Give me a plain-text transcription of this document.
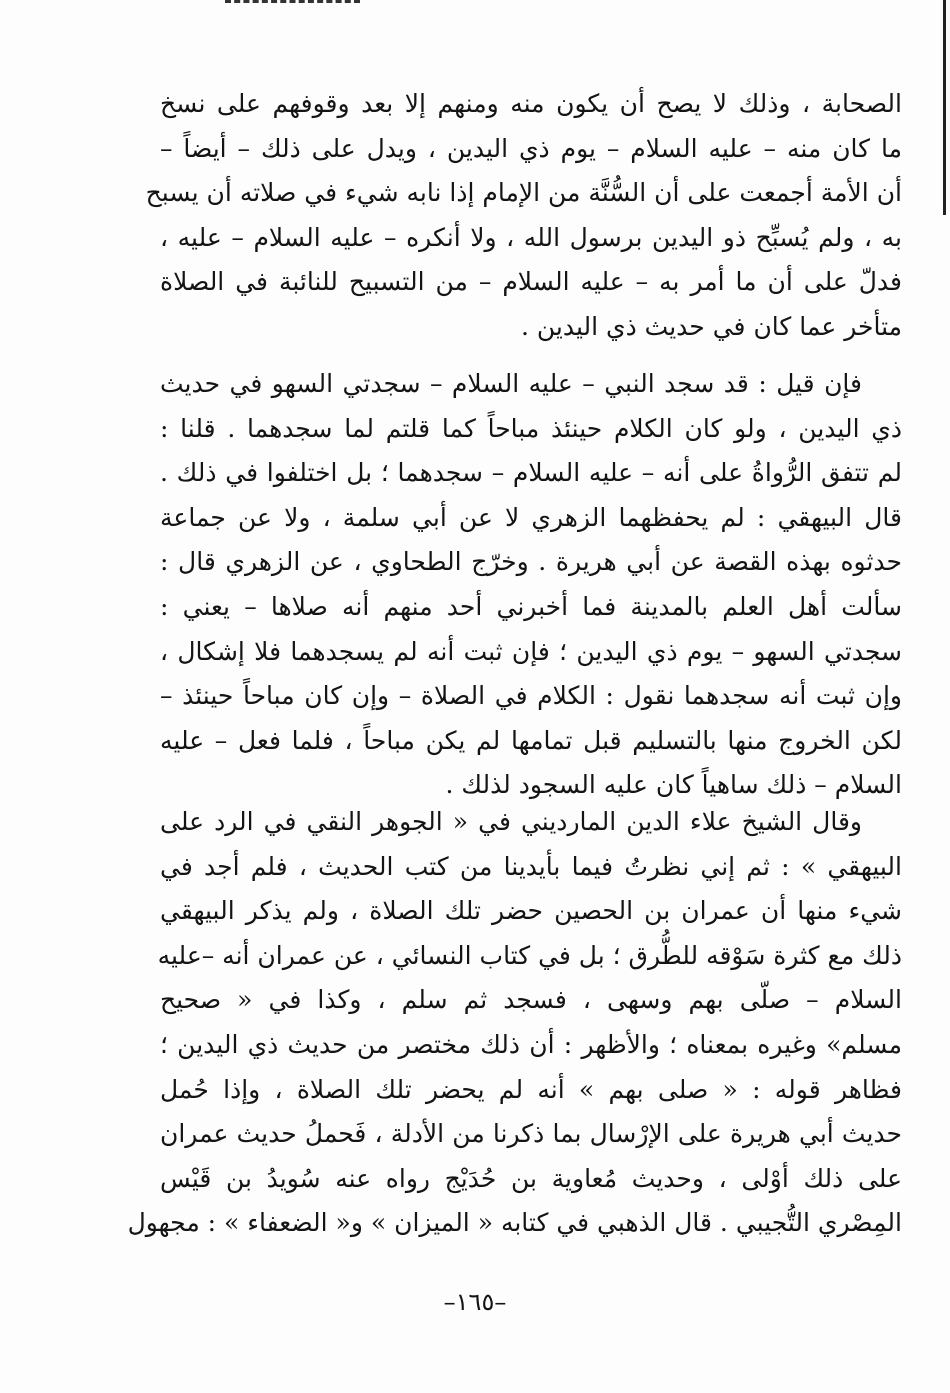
الصحابة ، وذلك لا يصح أن يكون منه ومنهم إلا بعد وقوفهم على نسخ
ما كان منه – عليه السلام – يوم ذي اليدين ، ويدل على ذلك – أيضاً –
أن الأمة أجمعت على أن السُّنَّة من الإمام إذا نابه شيء في صلاته أن يسبح
به ، ولم يُسبِّح ذو اليدين برسول الله ، ولا أنكره – عليه السلام – عليه ،
فدلّ على أن ما أمر به – عليه السلام – من التسبيح للنائبة في الصلاة
متأخر عما كان في حديث ذي اليدين .
فإن قيل : قد سجد النبي – عليه السلام – سجدتي السهو في حديث
ذي اليدين ، ولو كان الكلام حينئذ مباحاً كما قلتم لما سجدهما . قلنا :
لم تتفق الرُّواةُ على أنه – عليه السلام – سجدهما ؛ بل اختلفوا في ذلك .
قال البيهقي : لم يحفظهما الزهري لا عن أبي سلمة ، ولا عن جماعة
حدثوه بهذه القصة عن أبي هريرة . وخرّج الطحاوي ، عن الزهري قال :
سألت أهل العلم بالمدينة فما أخبرني أحد منهم أنه صلاها – يعني :
سجدتي السهو – يوم ذي اليدين ؛ فإن ثبت أنه لم يسجدهما فلا إشكال ،
وإن ثبت أنه سجدهما نقول : الكلام في الصلاة – وإن كان مباحاً حينئذ –
لكن الخروج منها بالتسليم قبل تمامها لم يكن مباحاً ، فلما فعل – عليه
السلام – ذلك ساهياً كان عليه السجود لذلك .
وقال الشيخ علاء الدين المارديني في « الجوهر النقي في الرد على
البيهقي » : ثم إني نظرتُ فيما بأيدينا من كتب الحديث ، فلم أجد في
شيء منها أن عمران بن الحصين حضر تلك الصلاة ، ولم يذكر البيهقي
ذلك مع كثرة سَوْقه للطُّرق ؛ بل في كتاب النسائي ، عن عمران أنه –عليه
السلام – صلّى بهم وسهى ، فسجد ثم سلم ، وكذا في « صحيح
مسلم» وغيره بمعناه ؛ والأظهر : أن ذلك مختصر من حديث ذي اليدين ؛
فظاهر قوله : « صلى بهم » أنه لم يحضر تلك الصلاة ، وإذا حُمل
حديث أبي هريرة على الإرْسال بما ذكرنا من الأدلة ، فَحملُ حديث عمران
على ذلك أوْلى ، وحديث مُعاوية بن حُدَيْج رواه عنه سُويدُ بن قَيْس
المِصْري التُّجيبي . قال الذهبي في كتابه « الميزان » و« الضعفاء » : مجهول
–١٦٥–
